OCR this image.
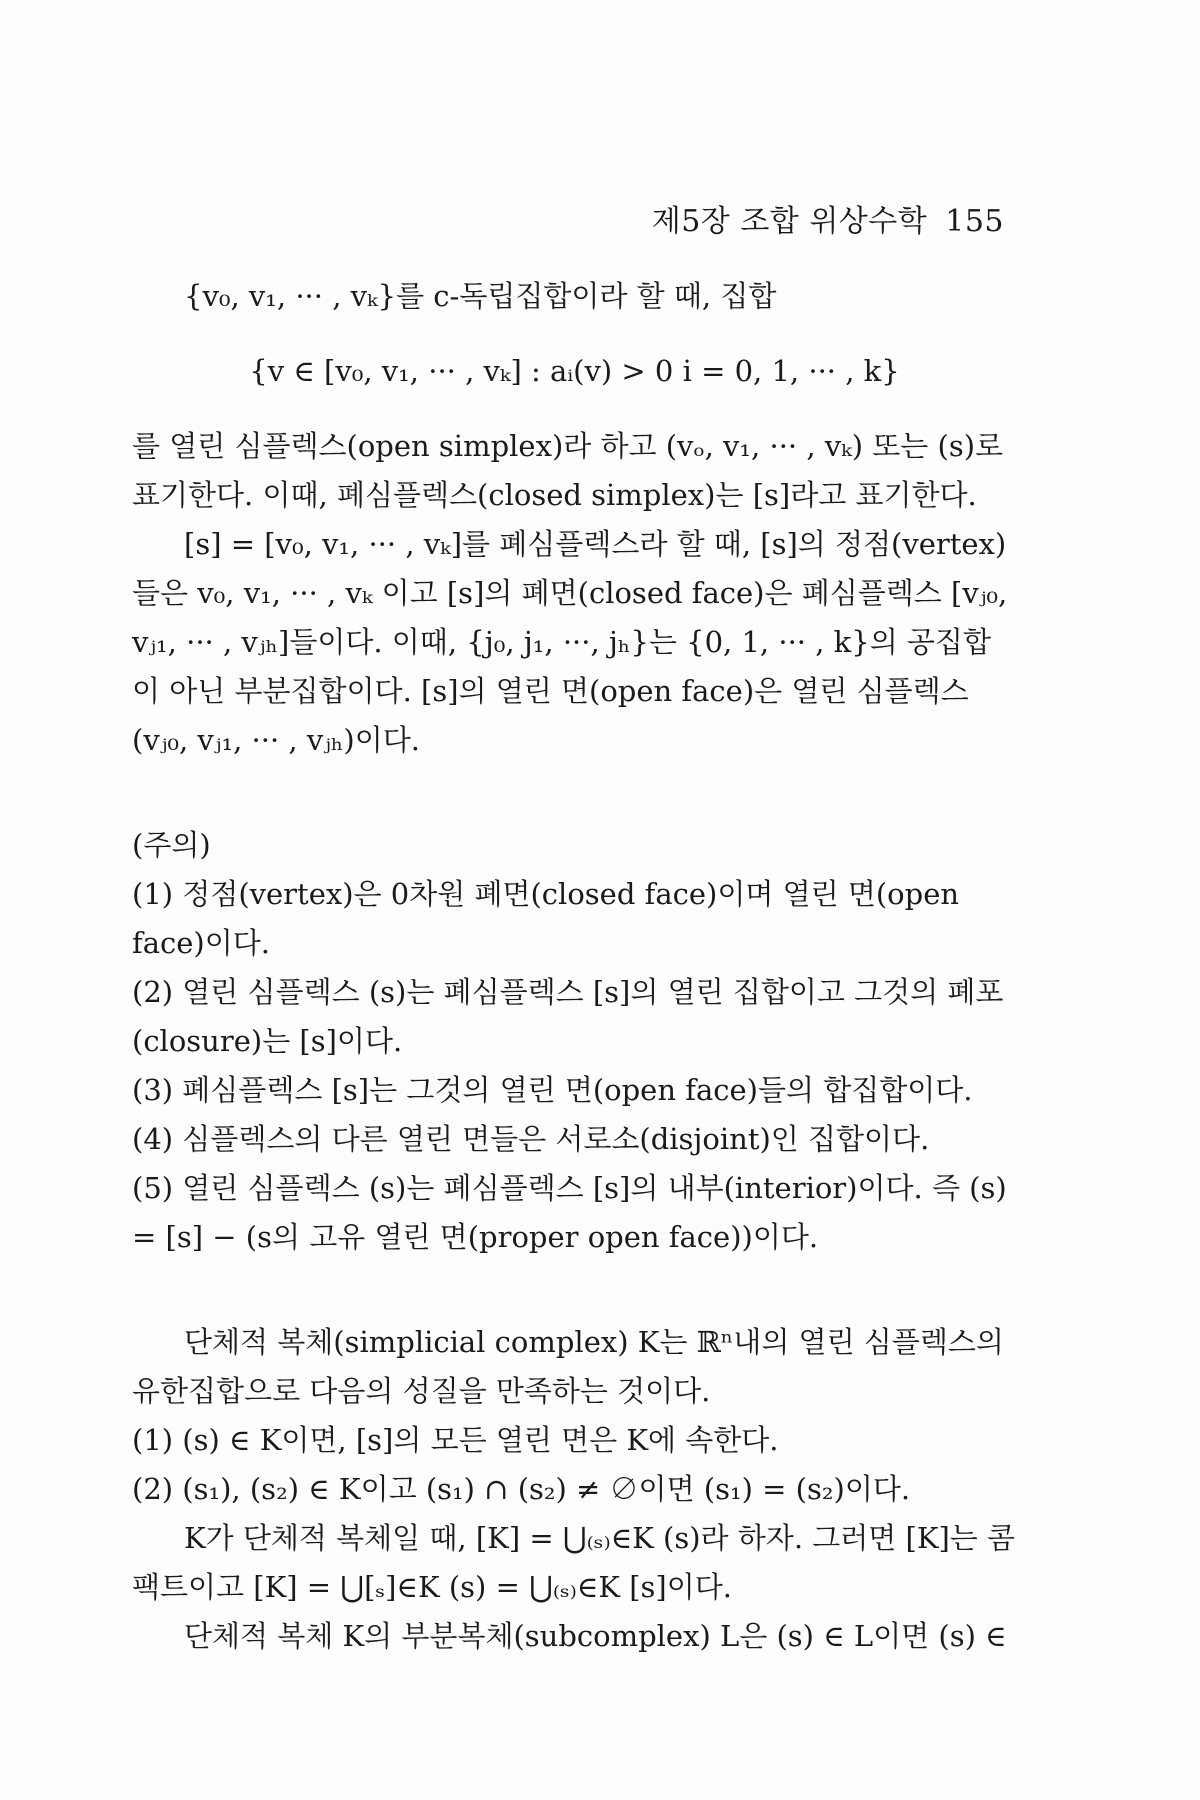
제5장 조합 위상수학 155

{v₀, v₁, ··· , vₖ}를 c-독립집합이라 할 때, 집합

{v ∈ [v₀, v₁, ··· , vₖ] : aᵢ(v) > 0 i = 0, 1, ··· , k}

를 열린 심플렉스(open simplex)라 하고 (vₒ, v₁, ··· , vₖ) 또는 (s)로 표기한다. 이때, 폐심플렉스(closed simplex)는 [s]라고 표기한다.

[s] = [v₀, v₁, ··· , vₖ]를 폐심플렉스라 할 때, [s]의 정점(vertex)들은 v₀, v₁, ··· , vₖ 이고 [s]의 폐면(closed face)은 폐심플렉스 [vⱼ₀, vⱼ₁, ··· , vⱼₕ]들이다. 이때, {j₀, j₁, ···, jₕ}는 {0, 1, ··· , k}의 공집합이 아닌 부분집합이다. [s]의 열린 면(open face)은 열린 심플렉스 (vⱼ₀, vⱼ₁, ··· , vⱼₕ)이다.

(주의)

(1) 정점(vertex)은 0차원 폐면(closed face)이며 열린 면(open face)이다.

(2) 열린 심플렉스 (s)는 폐심플렉스 [s]의 열린 집합이고 그것의 폐포(closure)는 [s]이다.

(3) 폐심플렉스 [s]는 그것의 열린 면(open face)들의 합집합이다.

(4) 심플렉스의 다른 열린 면들은 서로소(disjoint)인 집합이다.

(5) 열린 심플렉스 (s)는 폐심플렉스 [s]의 내부(interior)이다. 즉 (s) = [s] − (s의 고유 열린 면(proper open face))이다.

단체적 복체(simplicial complex) K는 ℝⁿ내의 열린 심플렉스의 유한집합으로 다음의 성질을 만족하는 것이다.

(1) (s) ∈ K이면, [s]의 모든 열린 면은 K에 속한다.

(2) (s₁), (s₂) ∈ K이고 (s₁) ∩ (s₂) ≠ ∅이면 (s₁) = (s₂)이다.

K가 단체적 복체일 때, [K] = ⋃₍ₛ₎∈K (s)라 하자. 그러면 [K]는 콤팩트이고 [K] = ⋃[ₛ]∈K (s) = ⋃₍ₛ₎∈K [s]이다.

단체적 복체 K의 부분복체(subcomplex) L은 (s) ∈ L이면 (s) ∈
